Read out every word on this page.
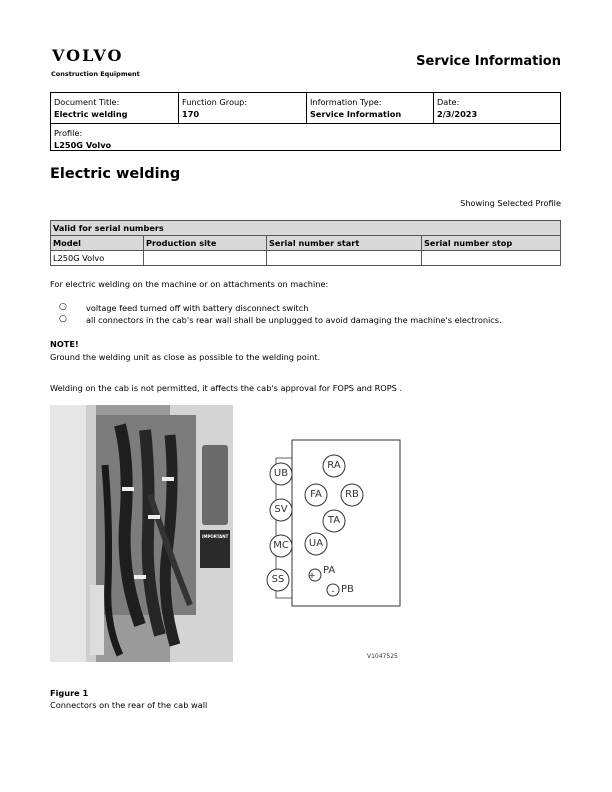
VOLVO
Construction Equipment
Service Information
Document Title:
Electric welding
Function Group:
170
Information Type:
Service Information
Date:
2/3/2023
Profile:
L250G Volvo
Electric welding
Showing Selected Profile
Valid for serial numbers			
Model	Production site	Serial number start	Serial number stop
L250G Volvo			
For electric welding on the machine or on attachments on machine:
○ voltage feed turned off with battery disconnect switch
○ all connectors in the cab's rear wall shall be unplugged to avoid damaging the machine's electronics.
NOTE!
Ground the welding unit as close as possible to the welding point.
Welding on the cab is not permitted, it affects the cab's approval for FOPS and ROPS .
IMPORTANT
+
-
UB
SV
MC
SS
RA
FA	RB
TA
UA
PA
PB
V1047525
Figure 1
Connectors on the rear of the cab wall
